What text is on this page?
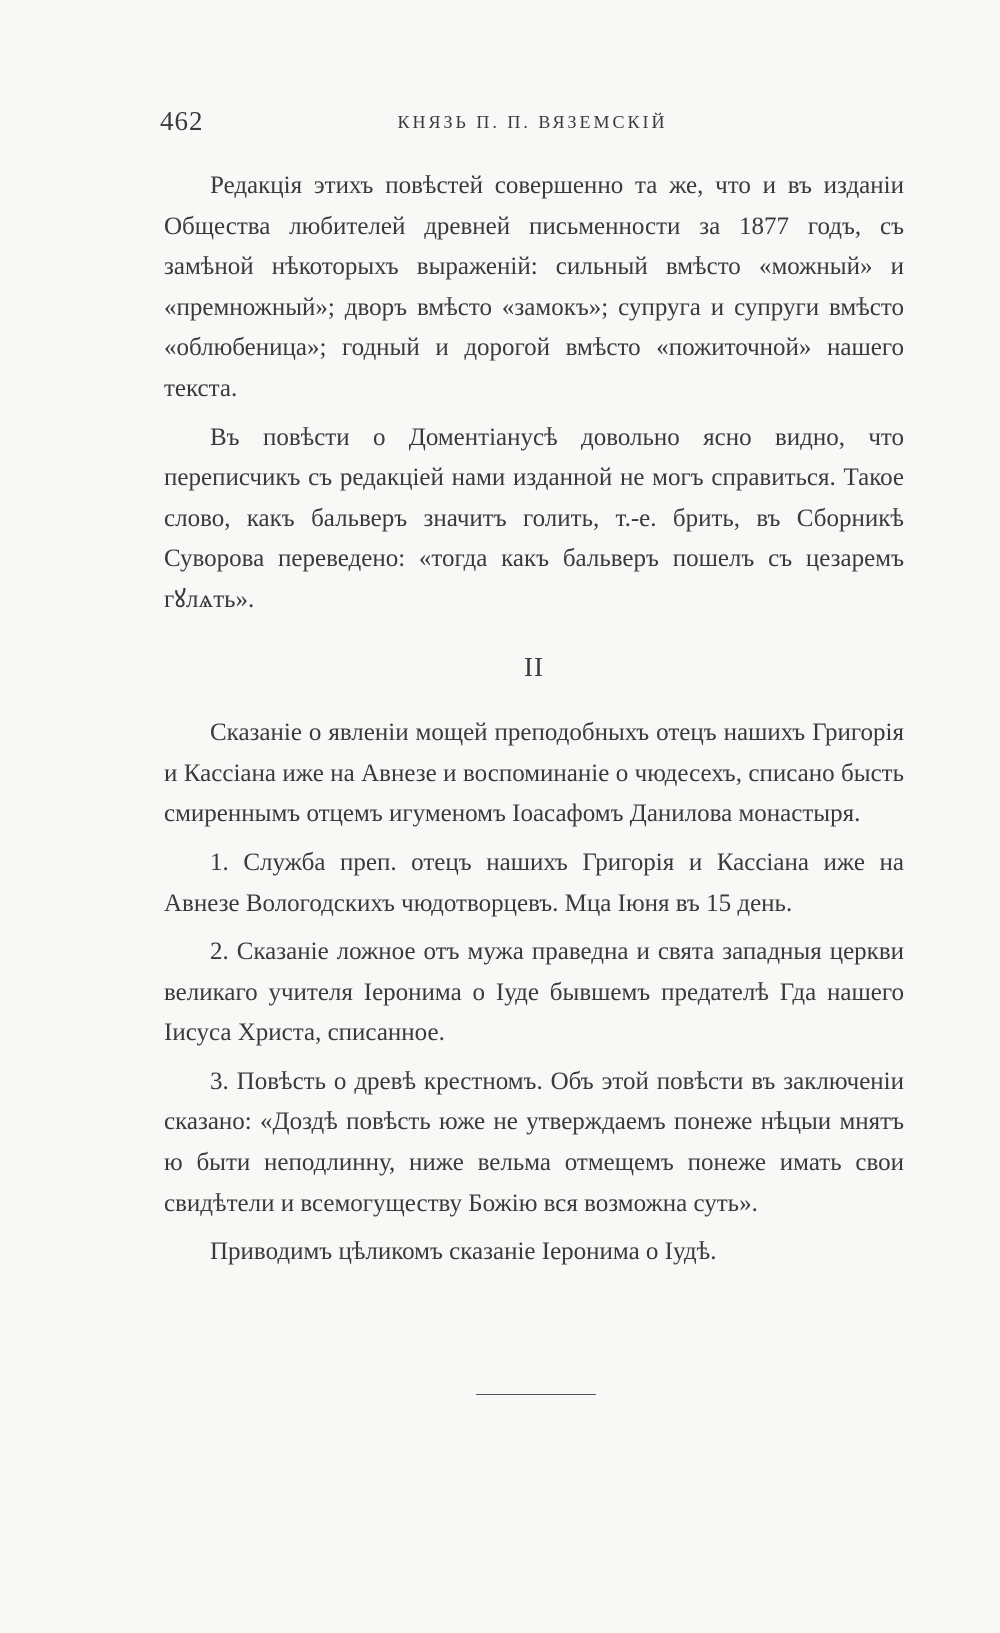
462	КНЯЗЬ П. П. ВЯЗЕМСКІЙ

Редакція этихъ повѣстей совершенно та же, что и въ изданіи Общества любителей древней письменности за 1877 годъ, съ замѣной нѣкоторыхъ выраженій: сильный вмѣсто «можный» и «премножный»; дворъ вмѣсто «замокъ»; супруга и супруги вмѣсто «облюбеница»; годный и дорогой вмѣсто «пожиточной» нашего текста.

Въ повѣсти о Доментіанусѣ довольно ясно видно, что переписчикъ съ редакціей нами изданной не могъ справиться. Такое слово, какъ бальверъ значитъ голить, т.-е. брить, въ Сборникѣ Суворова переведено: «тогда какъ бальверъ пошелъ съ цезаремъ гꙋлѧть».

II

Сказаніе о явленіи мощей преподобныхъ отецъ нашихъ Григорія и Кассіана иже на Авнезе и воспоминаніе о чюдесехъ, списано бысть смиреннымъ отцемъ игуменомъ Іоасафомъ Данилова монастыря.

1. Служба преп. отецъ нашихъ Григорія и Кассіана иже на Авнезе Вологодскихъ чюдотворцевъ. Мца Іюня въ 15 день.

2. Сказаніе ложное отъ мужа праведна и свята западныя церкви великаго учителя Іеронима о Іуде бывшемъ предателѣ Гда нашего Іисуса Христа, списанное.

3. Повѣсть о древѣ крестномъ. Объ этой повѣсти въ заключеніи сказано: «Доздѣ повѣсть юже не утверждаемъ понеже нѣцыи мнятъ ю быти неподлинну, ниже вельма отмещемъ понеже имать свои свидѣтели и всемогуществу Божію вся возможна суть».

Приводимъ цѣликомъ сказаніе Іеронима о Іудѣ.
